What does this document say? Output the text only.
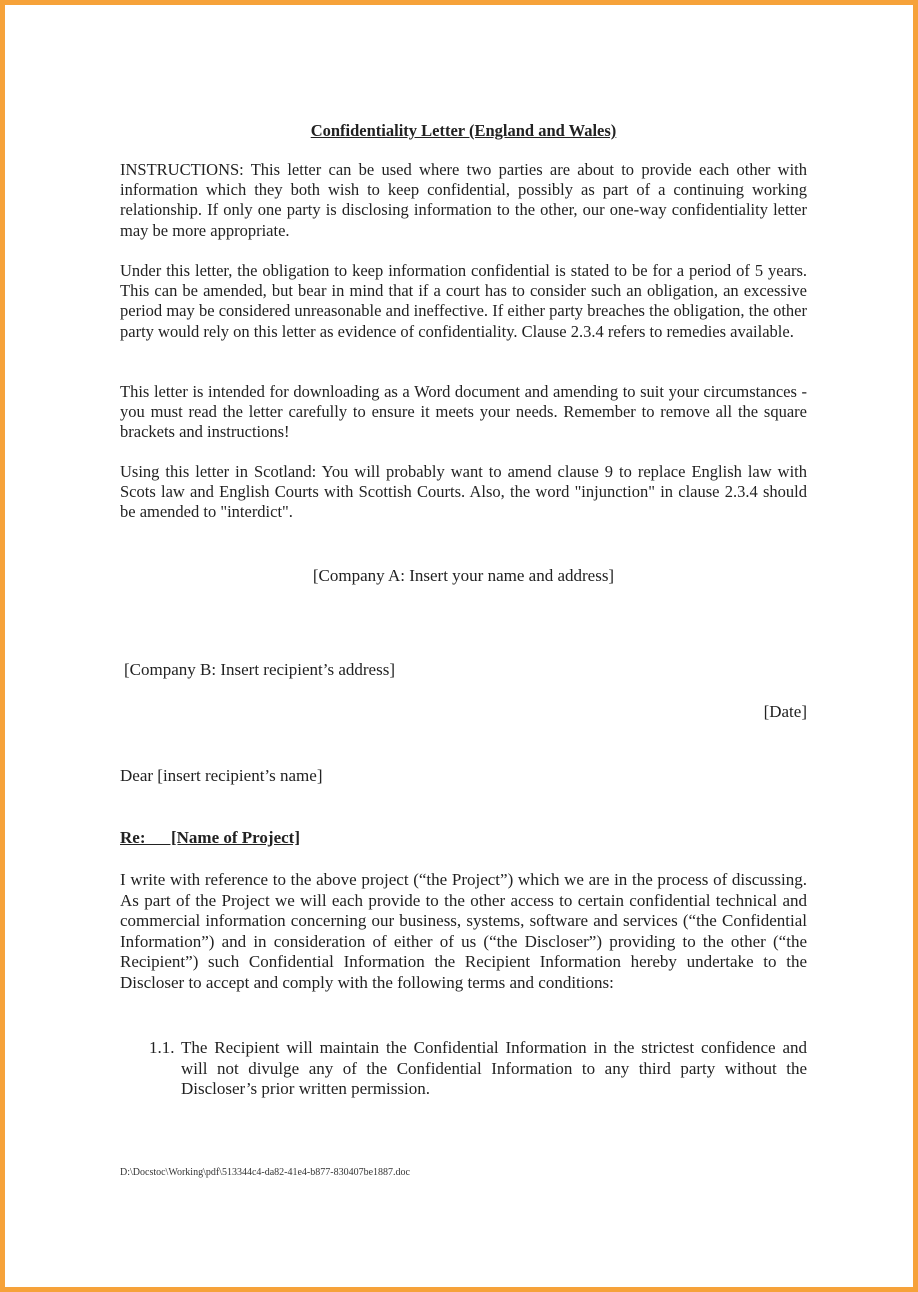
Confidentiality Letter (England and Wales)

INSTRUCTIONS: This letter can be used where two parties are about to provide each other with information which they both wish to keep confidential, possibly as part of a continuing working relationship. If only one party is disclosing information to the other, our one-way confidentiality letter may be more appropriate.

Under this letter, the obligation to keep information confidential is stated to be for a period of 5 years. This can be amended, but bear in mind that if a court has to consider such an obligation, an excessive period may be considered unreasonable and ineffective. If either party breaches the obligation, the other party would rely on this letter as evidence of confidentiality. Clause 2.3.4 refers to remedies available.

This letter is intended for downloading as a Word document and amending to suit your circumstances - you must read the letter carefully to ensure it meets your needs. Remember to remove all the square brackets and instructions!

Using this letter in Scotland: You will probably want to amend clause 9 to replace English law with Scots law and English Courts with Scottish Courts. Also, the word "injunction" in clause 2.3.4 should be amended to "interdict".

[Company A: Insert your name and address]
[Company B: Insert recipient’s address]
[Date]
Dear [insert recipient’s name]
Re:      [Name of Project]

I write with reference to the above project (“the Project”) which we are in the process of discussing. As part of the Project we will each provide to the other access to certain confidential technical and commercial information concerning our business, systems, software and services (“the Confidential Information”) and in consideration of either of us (“the Discloser”) providing to the other (“the Recipient”) such Confidential Information the Recipient Information hereby undertake to the Discloser to accept and comply with the following terms and conditions:

1.1. The Recipient will maintain the Confidential Information in the strictest confidence and will not divulge any of the Confidential Information to any third party without the Discloser’s prior written permission.

D:\Docstoc\Working\pdf\513344c4-da82-41e4-b877-830407be1887.doc
